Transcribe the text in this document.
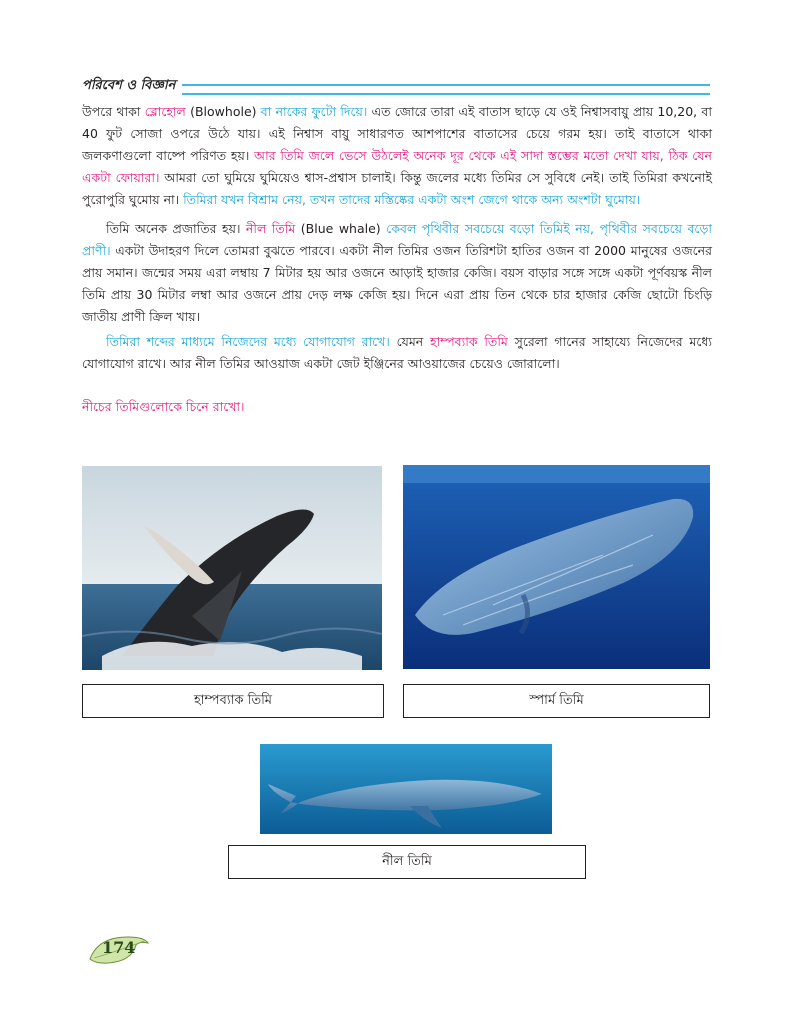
পরিবেশ ও বিজ্ঞান

উপরে থাকা ব্লোহোল (Blowhole) বা নাকের ফুটো দিয়ে। এত জোরে তারা এই বাতাস ছাড়ে যে ওই নিশ্বাসবায়ু প্রায় 10,20, বা 40 ফুট সোজা ওপরে উঠে যায়। এই নিশ্বাস বায়ু সাধারণত আশপাশের বাতাসের চেয়ে গরম হয়। তাই বাতাসে থাকা জলকণাগুলো বাষ্পে পরিণত হয়। আর তিমি জলে ভেসে উঠলেই অনেক দূর থেকে এই সাদা স্তম্ভের মতো দেখা যায়, ঠিক যেন একটা ফোয়ারা। আমরা তো ঘুমিয়ে ঘুমিয়েও শ্বাস-প্রশ্বাস চালাই। কিন্তু জলের মধ্যে তিমির সে সুবিধে নেই। তাই তিমিরা কখনোই পুরোপুরি ঘুমোয় না। তিমিরা যখন বিশ্রাম নেয়, তখন তাদের মস্তিষ্কের একটা অংশ জেগে থাকে অন্য অংশটা ঘুমোয়।

তিমি অনেক প্রজাতির হয়। নীল তিমি (Blue whale) কেবল পৃথিবীর সবচেয়ে বড়ো তিমিই নয়, পৃথিবীর সবচেয়ে বড়ো প্রাণী। একটা উদাহরণ দিলে তোমরা বুঝতে পারবে। একটা নীল তিমির ওজন তিরিশটা হাতির ওজন বা 2000 মানুষের ওজনের প্রায় সমান। জন্মের সময় এরা লম্বায় 7 মিটার হয় আর ওজনে আড়াই হাজার কেজি। বয়স বাড়ার সঙ্গে সঙ্গে একটা পূর্ণবয়স্ক নীল তিমি প্রায় 30 মিটার লম্বা আর ওজনে প্রায় দেড় লক্ষ কেজি হয়। দিনে এরা প্রায় তিন থেকে চার হাজার কেজি ছোটো চিংড়ি জাতীয় প্রাণী ক্রিল খায়।

তিমিরা শব্দের মাধ্যমে নিজেদের মধ্যে যোগাযোগ রাখে। যেমন হাম্পব্যাক তিমি সুরেলা গানের সাহায্যে নিজেদের মধ্যে যোগাযোগ রাখে। আর নীল তিমির আওয়াজ একটা জেট ইঞ্জিনের আওয়াজের চেয়েও জোরালো।

নীচের তিমিগুলোকে চিনে রাখো।
হাম্পব্যাক তিমি	স্পার্ম তিমি
নীল তিমি
174
